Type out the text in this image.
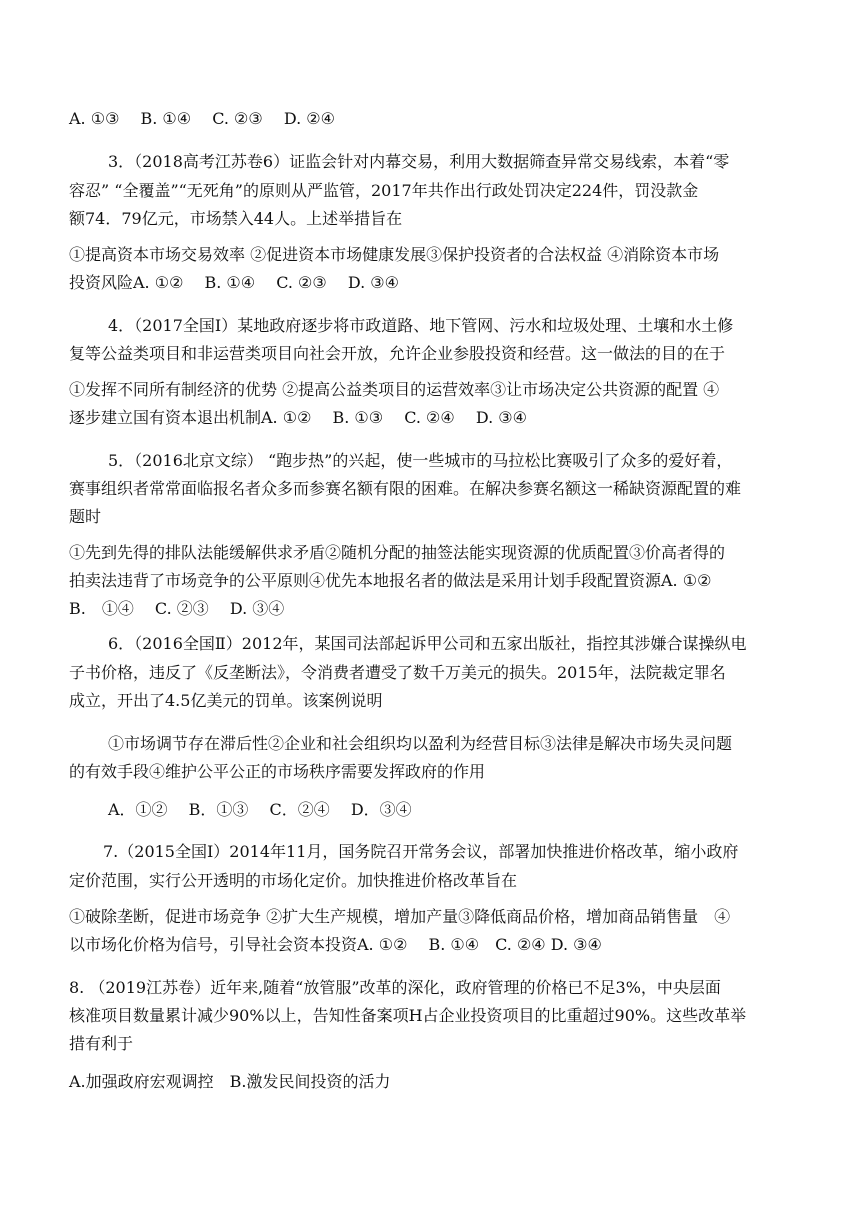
A. ①③　 B. ①④　 C. ②③　 D. ②④
3．（2018高考江苏卷6）证监会针对内幕交易，利用大数据筛查异常交易线索，本着“零
容忍” “全覆盖”“无死角”的原则从严监管，2017年共作出行政处罚决定224件，罚没款金
额74．79亿元，市场禁入44人。上述举措旨在
①提高资本市场交易效率 ②促进资本市场健康发展③保护投资者的合法权益 ④消除资本市场
投资风险A. ①②　 B. ①④　 C. ②③　 D. ③④
4．（2017全国Ⅰ）某地政府逐步将市政道路、地下管网、污水和垃圾处理、土壤和水土修
复等公益类项目和非运营类项目向社会开放，允许企业参股投资和经营。这一做法的目的在于
①发挥不同所有制经济的优势 ②提高公益类项目的运营效率③让市场决定公共资源的配置 ④
逐步建立国有资本退出机制A. ①②　 B. ①③　 C. ②④　 D. ③④
5．（2016北京文综） “跑步热”的兴起，使一些城市的马拉松比赛吸引了众多的爱好着，
赛事组织者常常面临报名者众多而参赛名额有限的困难。在解决参赛名额这一稀缺资源配置的难
题时
①先到先得的排队法能缓解供求矛盾②随机分配的抽签法能实现资源的优质配置③价高者得的
拍卖法违背了市场竞争的公平原则④优先本地报名者的做法是采用计划手段配置资源A. ①②
B.　①④　 C. ②③　 D. ③④
6．（2016全国Ⅱ）2012年，某国司法部起诉甲公司和五家出版社，指控其涉嫌合谋操纵电
子书价格，违反了《反垄断法》，令消费者遭受了数千万美元的损失。2015年，法院裁定罪名
成立，开出了4.5亿美元的罚单。该案例说明
①市场调节存在滞后性②企业和社会组织均以盈利为经营目标③法律是解决市场失灵问题
的有效手段④维护公平公正的市场秩序需要发挥政府的作用
A．①②　 B．①③　 C．②④　 D．③④
7.（2015全国Ⅰ）2014年11月，国务院召开常务会议，部署加快推进价格改革，缩小政府
定价范围，实行公开透明的市场化定价。加快推进价格改革旨在
①破除垄断，促进市场竞争 ②扩大生产规模，增加产量③降低商品价格，增加商品销售量　④
以市场化价格为信号，引导社会资本投资A. ①②　 B. ①④　C. ②④ D. ③④
8. （2019江苏卷）近年来,随着“放管服”改革的深化，政府管理的价格已不足3%，中央层面
核准项目数量累计减少90%以上，告知性备案项H占企业投资项目的比重超过90%。这些改革举
措有利于
A.加强政府宏观调控　B.激发民间投资的活力
